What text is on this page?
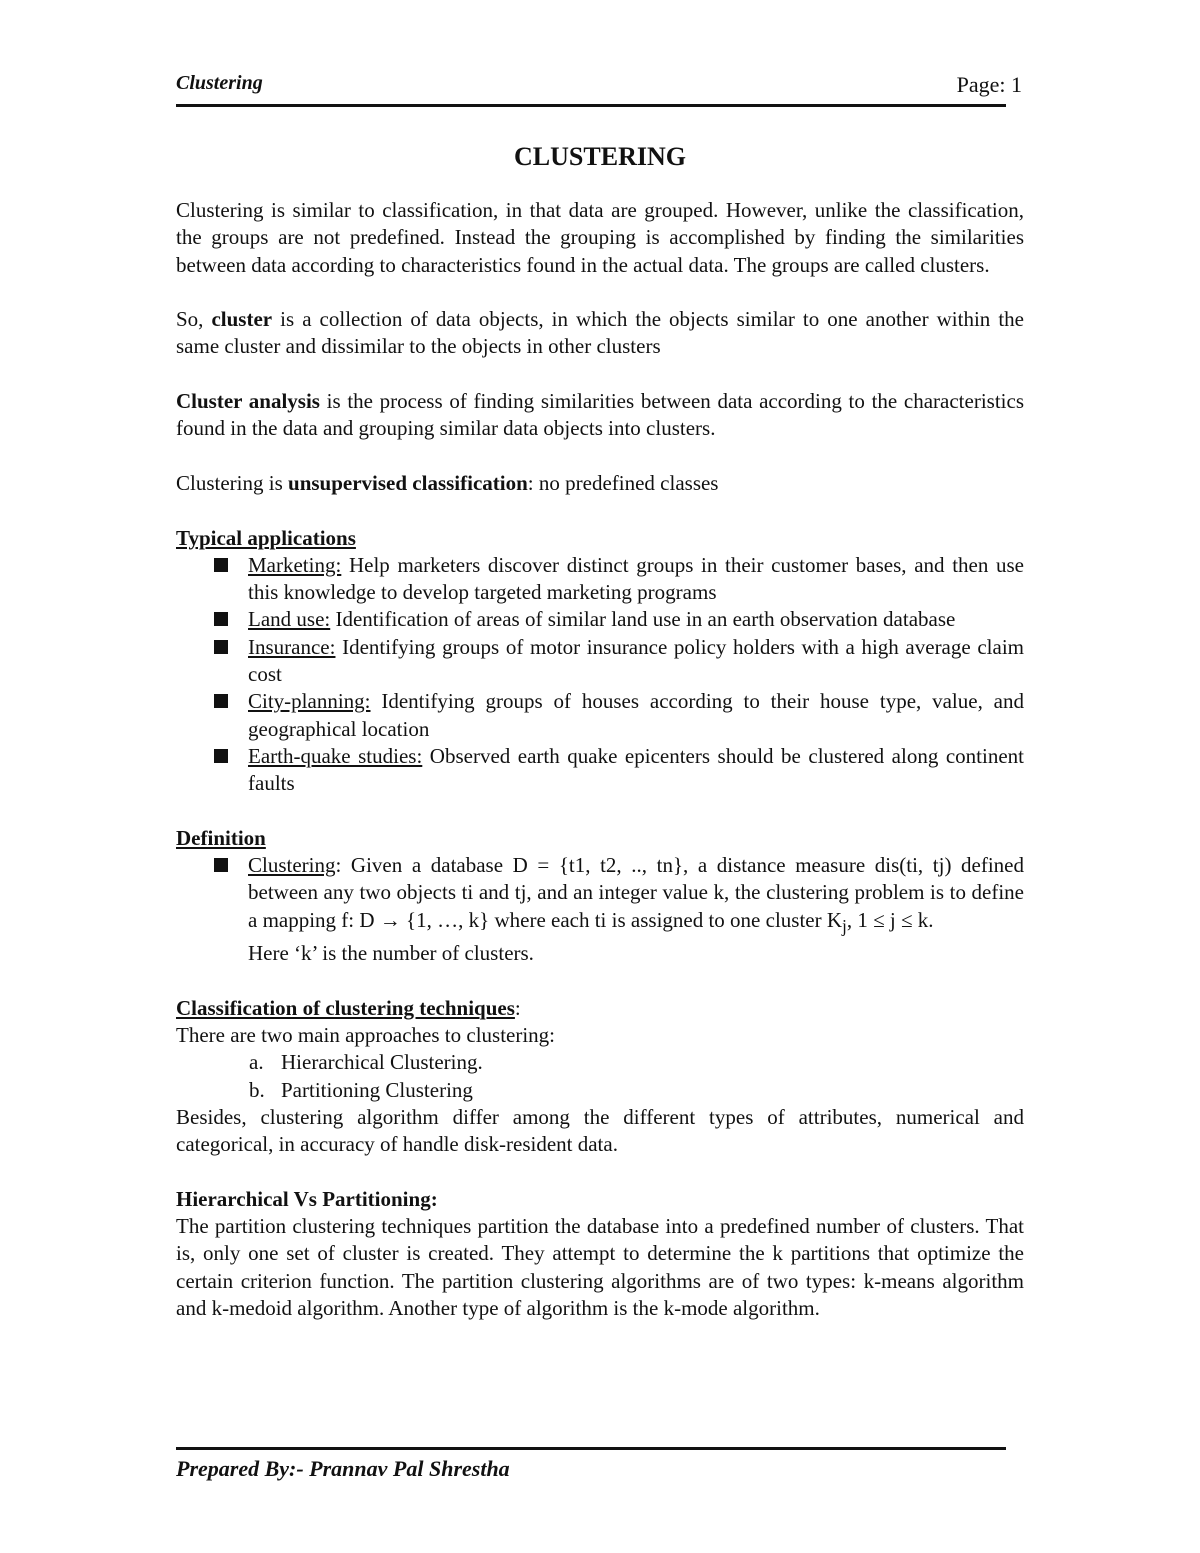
Clustering	Page: 1
CLUSTERING

Clustering is similar to classification, in that data are grouped. However, unlike the classification, the groups are not predefined. Instead the grouping is accomplished by finding the similarities between data according to characteristics found in the actual data. The groups are called clusters.

So, cluster is a collection of data objects, in which the objects similar to one another within the same cluster and dissimilar to the objects in other clusters

Cluster analysis is the process of finding similarities between data according to the characteristics found in the data and grouping similar data objects into clusters.

Clustering is unsupervised classification: no predefined classes

Typical applications
Marketing: Help marketers discover distinct groups in their customer bases, and then use this knowledge to develop targeted marketing programs
Land use: Identification of areas of similar land use in an earth observation database
Insurance: Identifying groups of motor insurance policy holders with a high average claim cost
City-planning: Identifying groups of houses according to their house type, value, and geographical location
Earth-quake studies: Observed earth quake epicenters should be clustered along continent faults
Definition
Clustering: Given a database D = {t1, t2, .., tn}, a distance measure dis(ti, tj) defined between any two objects ti and tj, and an integer value k, the clustering problem is to define a mapping f: D → {1, …, k} where each ti is assigned to one cluster $K_j$, 1 ≤ j ≤ k.
Here ‘k’ is the number of clusters.
Classification of clustering techniques:
There are two main approaches to clustering:
a. Hierarchical Clustering.
b. Partitioning Clustering

Besides, clustering algorithm differ among the different types of attributes, numerical and categorical, in accuracy of handle disk-resident data.

Hierarchical Vs Partitioning:

The partition clustering techniques partition the database into a predefined number of clusters. That is, only one set of cluster is created. They attempt to determine the k partitions that optimize the certain criterion function. The partition clustering algorithms are of two types: k-means algorithm and k-medoid algorithm. Another type of algorithm is the k-mode algorithm.

Prepared By:- Prannav Pal Shrestha
